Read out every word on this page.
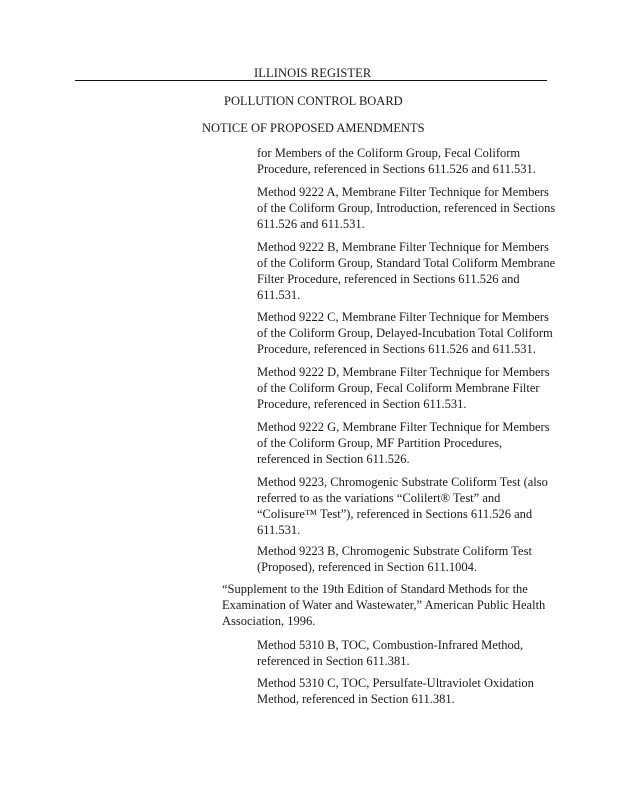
ILLINOIS REGISTER
POLLUTION CONTROL BOARD
NOTICE OF PROPOSED AMENDMENTS

for Members of the Coliform Group, Fecal Coliform
Procedure, referenced in Sections 611.526 and 611.531.

Method 9222 A, Membrane Filter Technique for Members
of the Coliform Group, Introduction, referenced in Sections
611.526 and 611.531.

Method 9222 B, Membrane Filter Technique for Members
of the Coliform Group, Standard Total Coliform Membrane
Filter Procedure, referenced in Sections 611.526 and
611.531.

Method 9222 C, Membrane Filter Technique for Members
of the Coliform Group, Delayed-Incubation Total Coliform
Procedure, referenced in Sections 611.526 and 611.531.

Method 9222 D, Membrane Filter Technique for Members
of the Coliform Group, Fecal Coliform Membrane Filter
Procedure, referenced in Section 611.531.

Method 9222 G, Membrane Filter Technique for Members
of the Coliform Group, MF Partition Procedures,
referenced in Section 611.526.

Method 9223, Chromogenic Substrate Coliform Test (also
referred to as the variations “Colilert® Test” and
“Colisure™ Test”), referenced in Sections 611.526 and
611.531.

Method 9223 B, Chromogenic Substrate Coliform Test
(Proposed), referenced in Section 611.1004.

“Supplement to the 19th Edition of Standard Methods for the
Examination of Water and Wastewater,” American Public Health
Association, 1996.

Method 5310 B, TOC, Combustion-Infrared Method,
referenced in Section 611.381.

Method 5310 C, TOC, Persulfate-Ultraviolet Oxidation
Method, referenced in Section 611.381.
